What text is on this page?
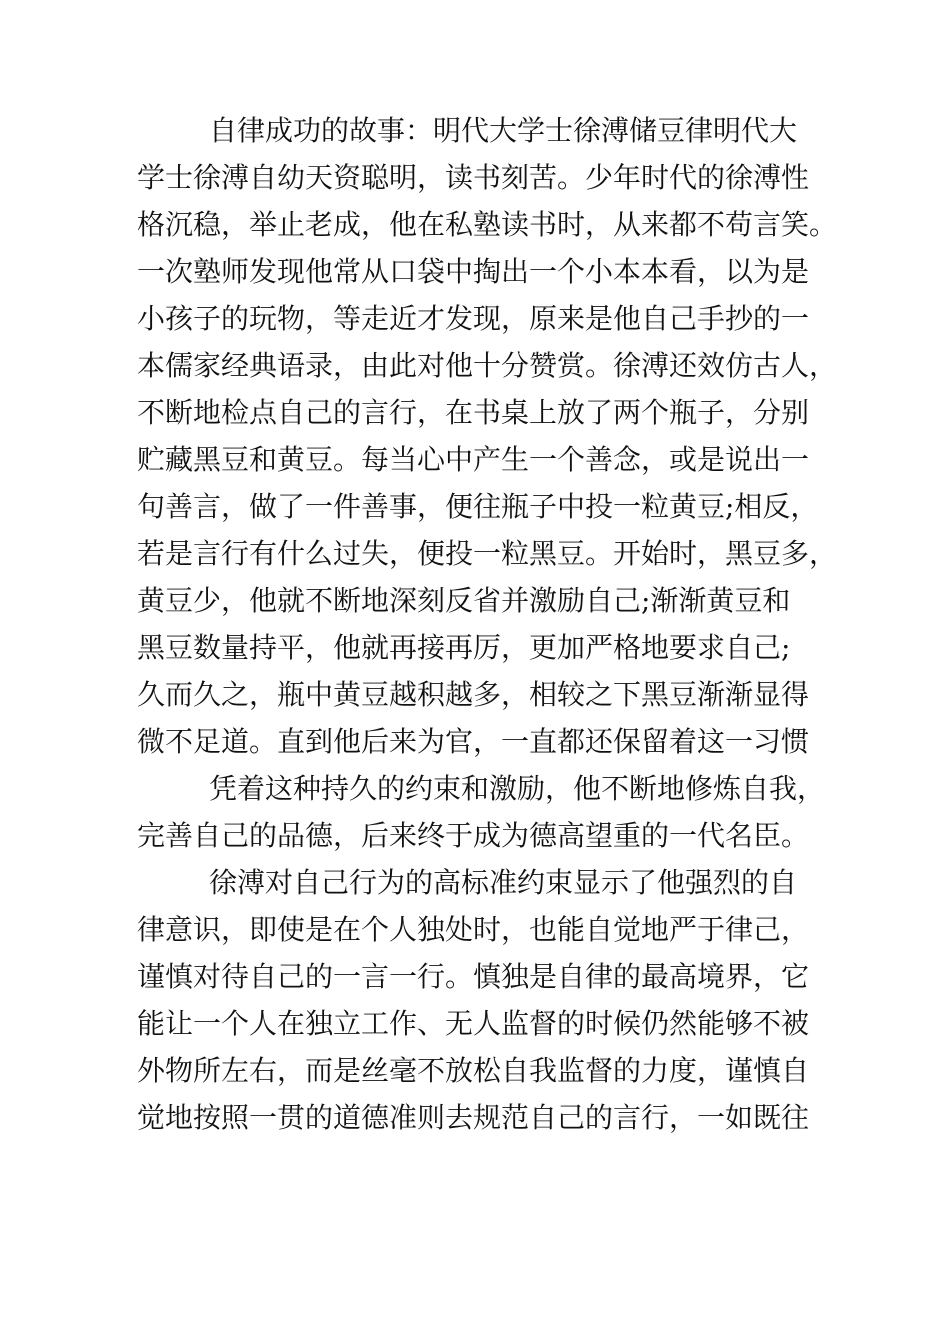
自律成功的故事：明代大学士徐溥储豆律明代大
学士徐溥自幼天资聪明，读书刻苦。少年时代的徐溥性
格沉稳，举止老成，他在私塾读书时，从来都不苟言笑。
一次塾师发现他常从口袋中掏出一个小本本看，以为是
小孩子的玩物，等走近才发现，原来是他自己手抄的一
本儒家经典语录，由此对他十分赞赏。徐溥还效仿古人，
不断地检点自己的言行，在书桌上放了两个瓶子，分别
贮藏黑豆和黄豆。每当心中产生一个善念，或是说出一
句善言，做了一件善事，便往瓶子中投一粒黄豆;相反，
若是言行有什么过失，便投一粒黑豆。开始时，黑豆多，
黄豆少，他就不断地深刻反省并激励自己;渐渐黄豆和
黑豆数量持平，他就再接再厉，更加严格地要求自己;
久而久之，瓶中黄豆越积越多，相较之下黑豆渐渐显得
微不足道。直到他后来为官，一直都还保留着这一习惯
凭着这种持久的约束和激励，他不断地修炼自我，
完善自己的品德，后来终于成为德高望重的一代名臣。
徐溥对自己行为的高标准约束显示了他强烈的自
律意识，即使是在个人独处时，也能自觉地严于律己，
谨慎对待自己的一言一行。慎独是自律的最高境界，它
能让一个人在独立工作、无人监督的时候仍然能够不被
外物所左右，而是丝毫不放松自我监督的力度，谨慎自
觉地按照一贯的道德准则去规范自己的言行，一如既往
